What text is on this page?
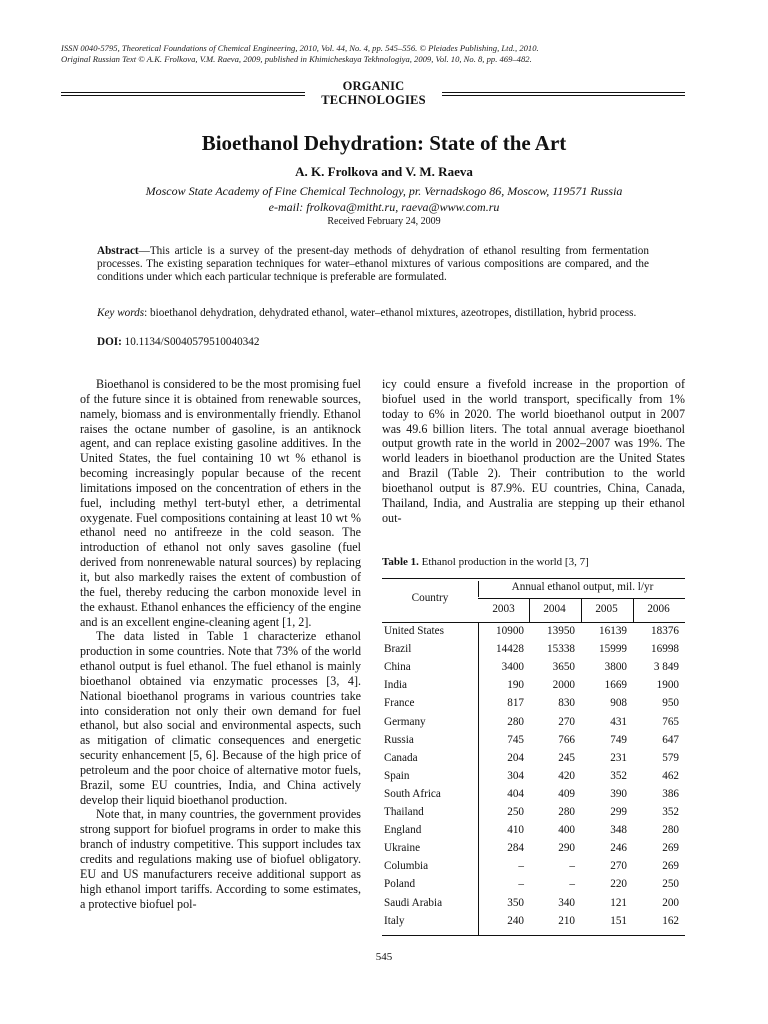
ISSN 0040-5795, Theoretical Foundations of Chemical Engineering, 2010, Vol. 44, No. 4, pp. 545–556. © Pleiades Publishing, Ltd., 2010.
Original Russian Text © A.K. Frolkova, V.M. Raeva, 2009, published in Khimicheskaya Tekhnologiya, 2009, Vol. 10, No. 8, pp. 469–482.
ORGANIC
TECHNOLOGIES
Bioethanol Dehydration: State of the Art
A. K. Frolkova and V. M. Raeva
Moscow State Academy of Fine Chemical Technology, pr. Vernadskogo 86, Moscow, 119571 Russia
e-mail: frolkova@mitht.ru, raeva@www.com.ru
Received February 24, 2009
Abstract—This article is a survey of the present-day methods of dehydration of ethanol resulting from fermentation processes. The existing separation techniques for water–ethanol mixtures of various compositions are compared, and the conditions under which each particular technique is preferable are formulated.
Key words: bioethanol dehydration, dehydrated ethanol, water–ethanol mixtures, azeotropes, distillation, hybrid process.
DOI: 10.1134/S0040579510040342

Bioethanol is considered to be the most promising fuel of the future since it is obtained from renewable sources, namely, biomass and is environmentally friendly. Ethanol raises the octane number of gasoline, is an antiknock agent, and can replace existing gasoline additives. In the United States, the fuel containing 10 wt % ethanol is becoming increasingly popular because of the recent limitations imposed on the concentration of ethers in the fuel, including methyl tert-butyl ether, a detrimental oxygenate. Fuel compositions containing at least 10 wt % ethanol need no antifreeze in the cold season. The introduction of ethanol not only saves gasoline (fuel derived from nonrenewable natural sources) by replacing it, but also markedly raises the extent of combustion of the fuel, thereby reducing the carbon monoxide level in the exhaust. Ethanol enhances the efficiency of the engine and is an excellent engine-cleaning agent [1, 2].

The data listed in Table 1 characterize ethanol production in some countries. Note that 73% of the world ethanol output is fuel ethanol. The fuel ethanol is mainly bioethanol obtained via enzymatic processes [3, 4]. National bioethanol programs in various countries take into consideration not only their own demand for fuel ethanol, but also social and environmental aspects, such as mitigation of climatic consequences and energetic security enhancement [5, 6]. Because of the high price of petroleum and the poor choice of alternative motor fuels, Brazil, some EU countries, India, and China actively develop their liquid bioethanol production.

Note that, in many countries, the government provides strong support for biofuel programs in order to make this branch of industry competitive. This support includes tax credits and regulations making use of biofuel obligatory. EU and US manufacturers receive additional support as high ethanol import tariffs. According to some estimates, a protective biofuel pol-

icy could ensure a fivefold increase in the proportion of biofuel used in the world transport, specifically from 1% today to 6% in 2020. The world bioethanol output in 2007 was 49.6 billion liters. The total annual average bioethanol output growth rate in the world in 2002–2007 was 19%. The world leaders in bioethanol production are the United States and Brazil (Table 2). Their contribution to the world bioethanol output is 87.9%. EU countries, China, Canada, Thailand, India, and Australia are stepping up their ethanol out-

Table 1. Ethanol production in the world [3, 7]
Country
Annual ethanol output, mil. l/yr
2003	2004	2005	2006
United States	10900	13950	16139	18376
Brazil	14428	15338	15999	16998
China	3400	3650	3800	3 849
India	190	2000	1669	1900
France	817	830	908	950
Germany	280	270	431	765
Russia	745	766	749	647
Canada	204	245	231	579
Spain	304	420	352	462
South Africa	404	409	390	386
Thailand	250	280	299	352
England	410	400	348	280
Ukraine	284	290	246	269
Columbia	–	–	270	269
Poland	–	–	220	250
Saudi Arabia	350	340	121	200
Italy	240	210	151	162
545
